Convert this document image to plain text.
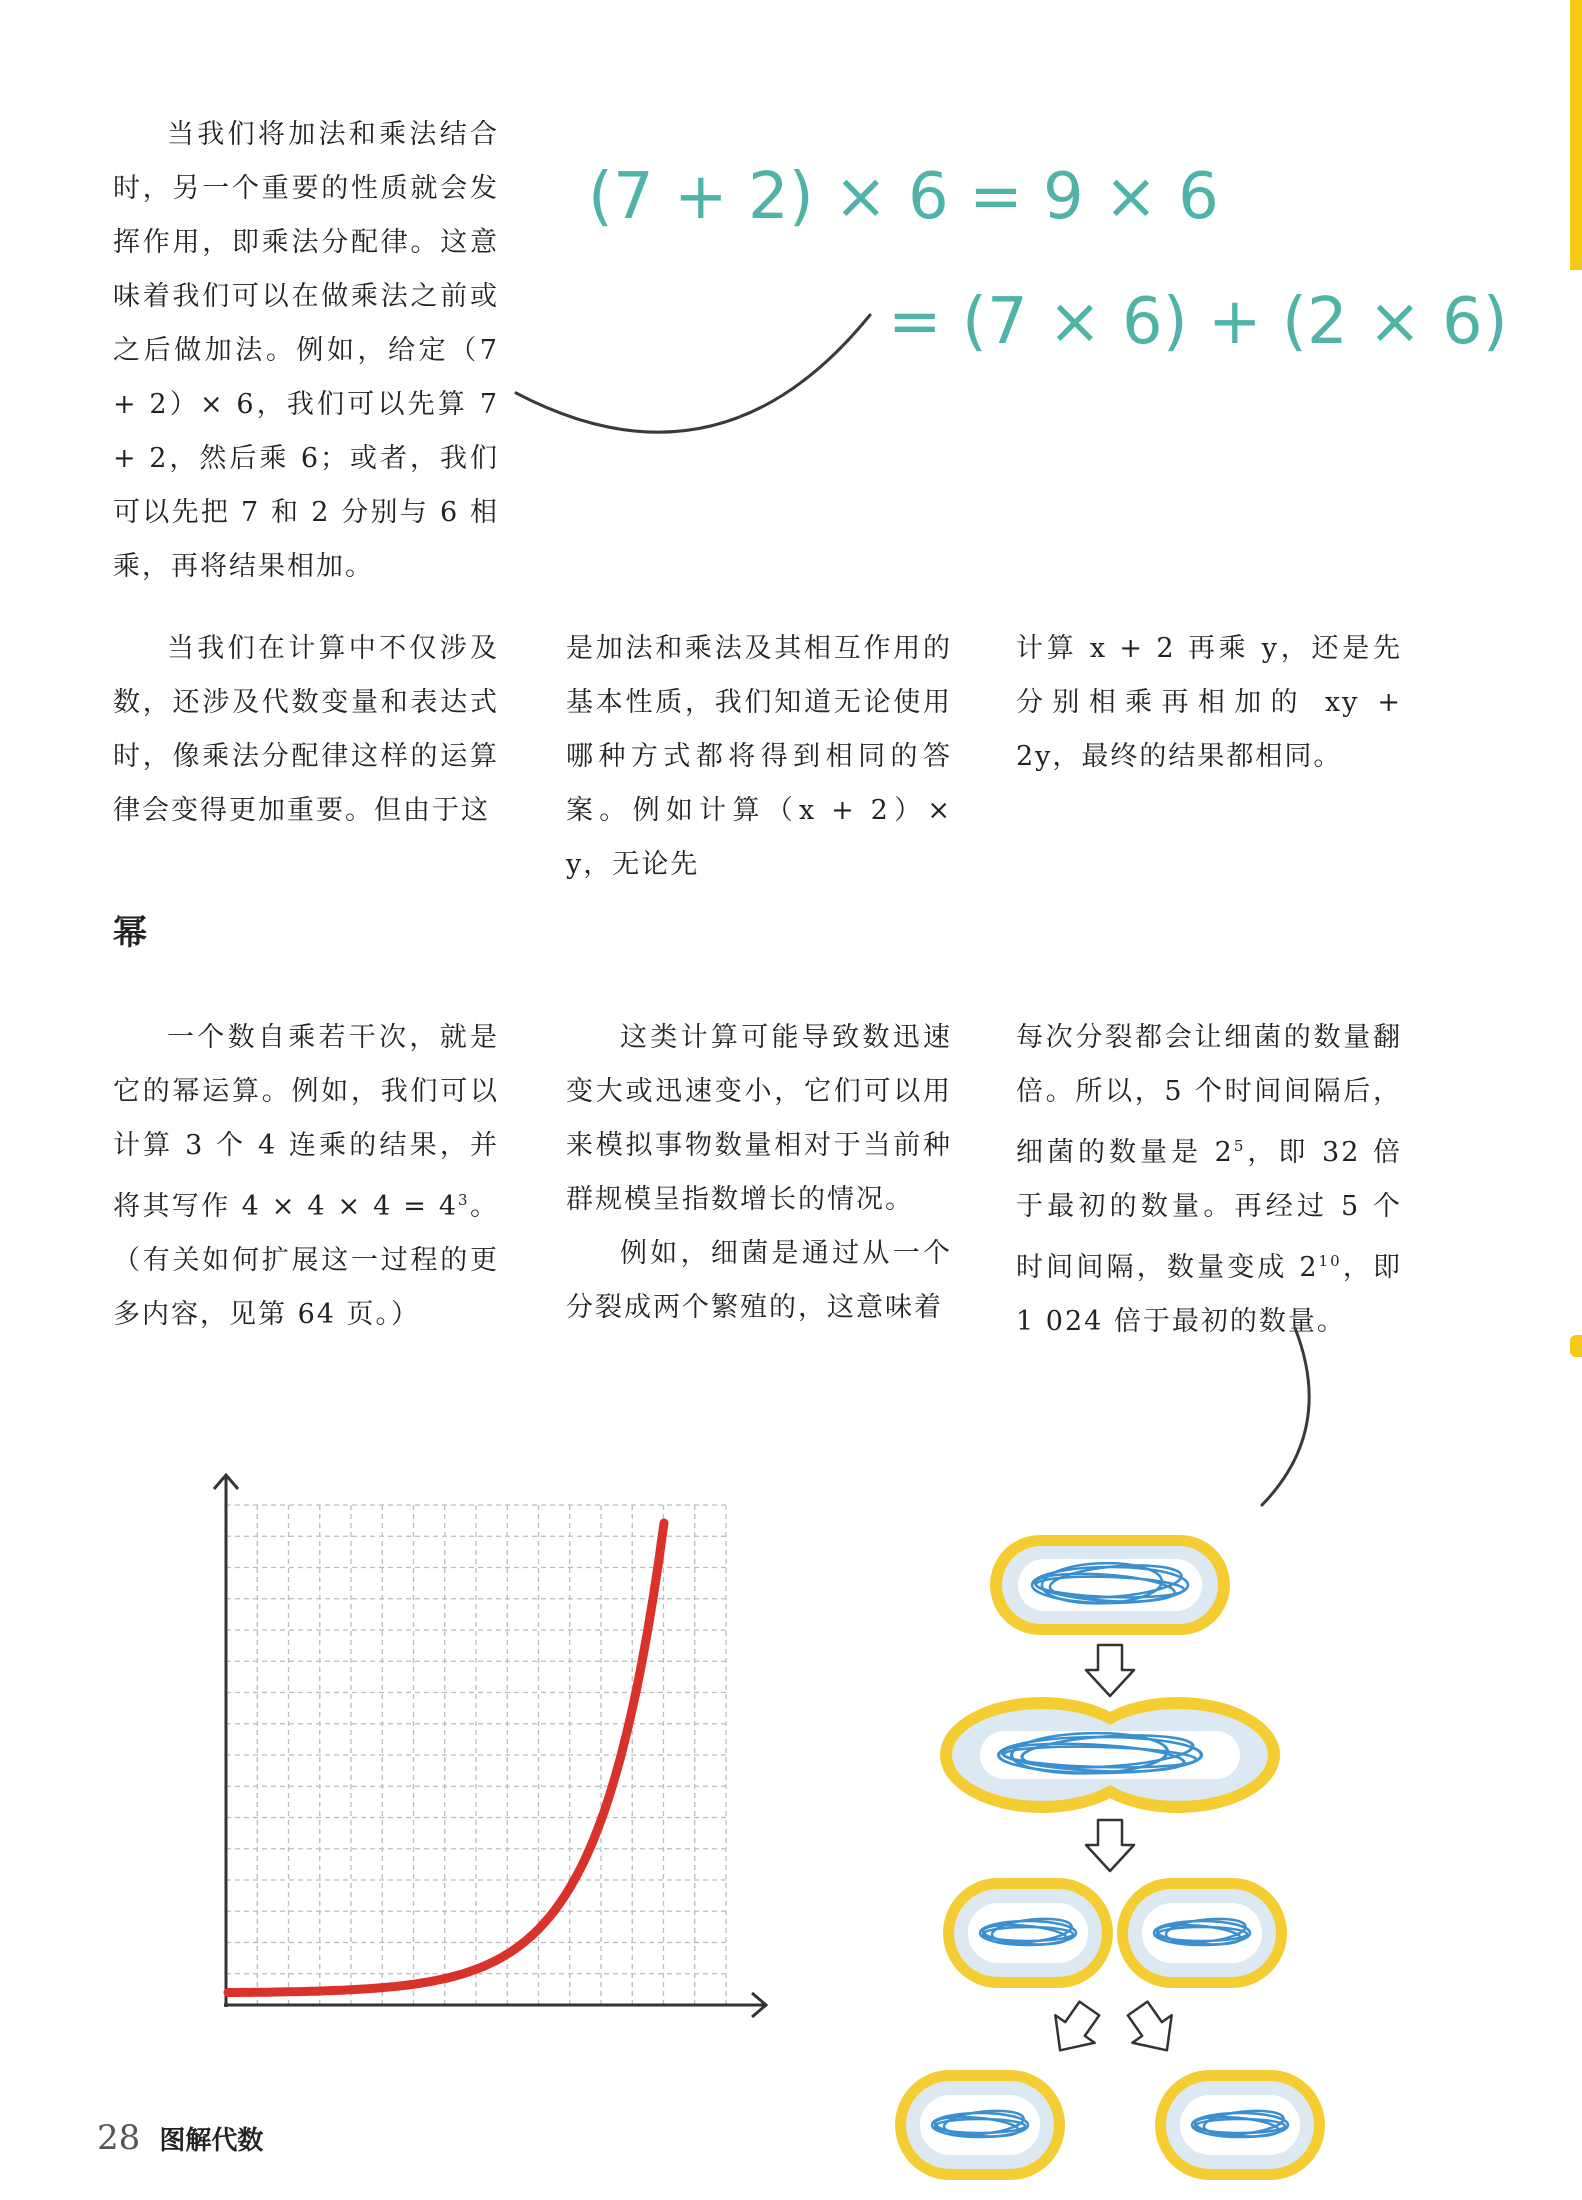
当我们将加法和乘法结合时，另一个重要的性质就会发挥作用，即乘法分配律。这意味着我们可以在做乘法之前或之后做加法。例如，给定（7 + 2）× 6，我们可以先算 7 + 2，然后乘 6；或者，我们可以先把 7 和 2 分别与 6 相乘，再将结果相加。

(7 + 2) × 6 = 9 × 6
= (7 × 6) + (2 × 6)

当我们在计算中不仅涉及数，还涉及代数变量和表达式时，像乘法分配律这样的运算律会变得更加重要。但由于这

是加法和乘法及其相互作用的基本性质，我们知道无论使用哪种方式都将得到相同的答案。例如计算（x + 2）× y，无论先

计算 x + 2 再乘 y，还是先分别相乘再相加的 xy + 2y，最终的结果都相同。

幂

一个数自乘若干次，就是它的幂运算。例如，我们可以计算 3 个 4 连乘的结果，并将其写作 $4 \times 4 \times 4 = 4^3$。（有关如何扩展这一过程的更多内容，见第 64 页。）

这类计算可能导致数迅速变大或迅速变小，它们可以用来模拟事物数量相对于当前种群规模呈指数增长的情况。

例如，细菌是通过从一个分裂成两个繁殖的，这意味着

每次分裂都会让细菌的数量翻倍。所以，5 个时间间隔后，细菌的数量是 $2^5$，即 32 倍于最初的数量。再经过 5 个时间间隔，数量变成 $2^{10}$，即 1 024 倍于最初的数量。

28 图解代数
